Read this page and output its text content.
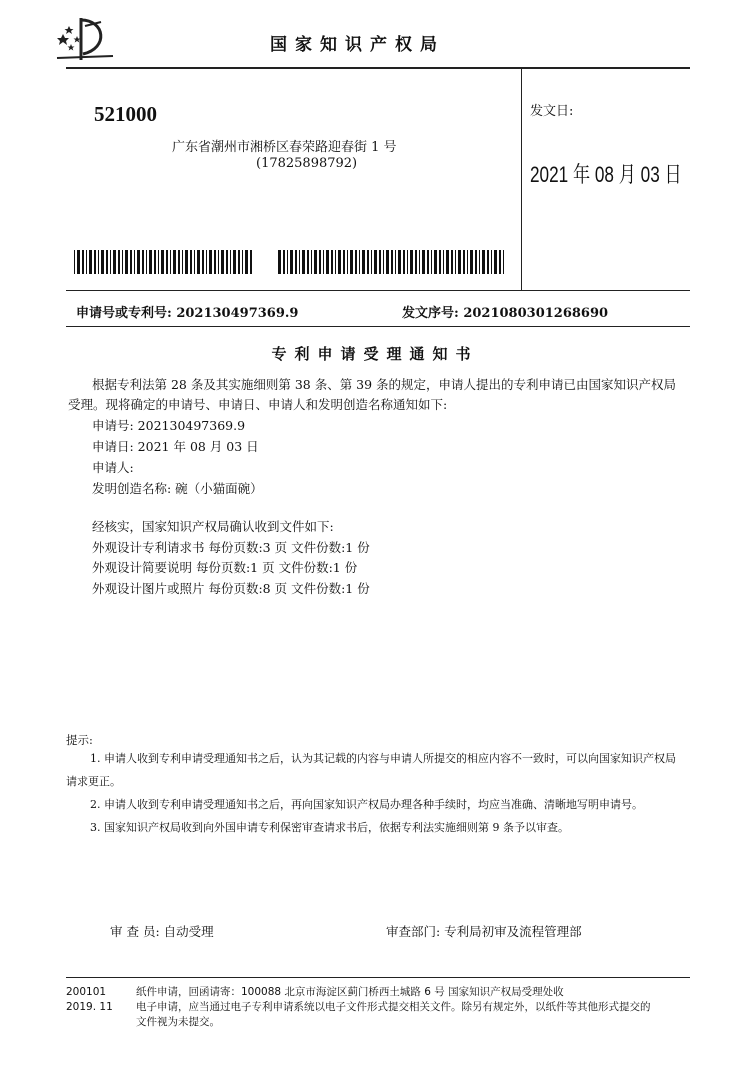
国家知识产权局
521000
广东省潮州市湘桥区春荣路迎春街 1 号
(17825898792)
发文日:
2021 年 08 月 03 日
申请号或专利号: 202130497369.9	发文序号: 2021080301268690
专利申请受理通知书
根据专利法第 28 条及其实施细则第 38 条、第 39 条的规定，申请人提出的专利申请已由国家知识产权局
受理。现将确定的申请号、申请日、申请人和发明创造名称通知如下:
申请号: 202130497369.9
申请日: 2021 年 08 月 03 日
申请人:
发明创造名称: 碗（小猫面碗）
经核实，国家知识产权局确认收到文件如下:
外观设计专利请求书 每份页数:3 页 文件份数:1 份
外观设计简要说明 每份页数:1 页 文件份数:1 份
外观设计图片或照片 每份页数:8 页 文件份数:1 份
提示:
1. 申请人收到专利申请受理通知书之后，认为其记载的内容与申请人所提交的相应内容不一致时，可以向国家知识产权局
请求更正。
2. 申请人收到专利申请受理通知书之后，再向国家知识产权局办理各种手续时，均应当准确、清晰地写明申请号。
3. 国家知识产权局收到向外国申请专利保密审查请求书后，依据专利法实施细则第 9 条予以审查。
审 查 员: 自动受理	审查部门: 专利局初审及流程管理部
200101
2019. 11
纸件申请，回函请寄：100088 北京市海淀区蓟门桥西土城路 6 号 国家知识产权局受理处收
电子申请，应当通过电子专利申请系统以电子文件形式提交相关文件。除另有规定外，以纸件等其他形式提交的
文件视为未提交。
